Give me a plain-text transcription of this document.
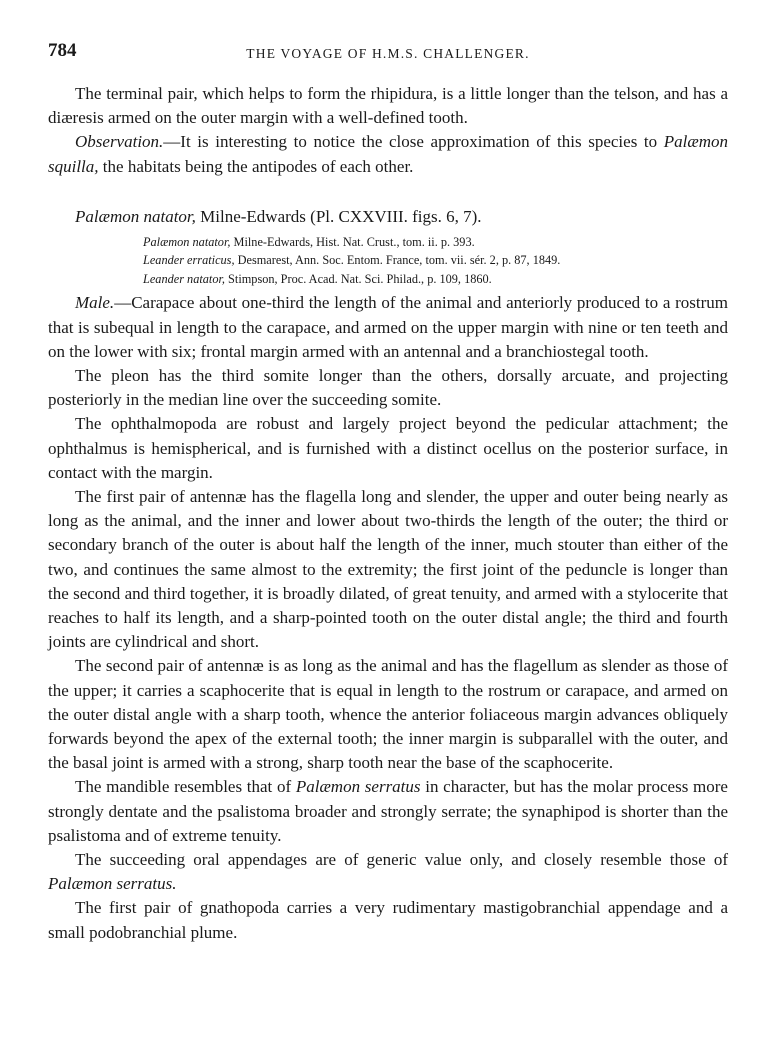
784	THE VOYAGE OF H.M.S. CHALLENGER.

The terminal pair, which helps to form the rhipidura, is a little longer than the telson, and has a diæresis armed on the outer margin with a well-defined tooth.

Observation.—It is interesting to notice the close approximation of this species to Palæmon squilla, the habitats being the antipodes of each other.

Palæmon natator, Milne-Edwards (Pl. CXXVIII. figs. 6, 7).

Palæmon natator, Milne-Edwards, Hist. Nat. Crust., tom. ii. p. 393.
Leander erraticus, Desmarest, Ann. Soc. Entom. France, tom. vii. sér. 2, p. 87, 1849.
Leander natator, Stimpson, Proc. Acad. Nat. Sci. Philad., p. 109, 1860.

Male.—Carapace about one-third the length of the animal and anteriorly produced to a rostrum that is subequal in length to the carapace, and armed on the upper margin with nine or ten teeth and on the lower with six; frontal margin armed with an antennal and a branchiostegal tooth.

The pleon has the third somite longer than the others, dorsally arcuate, and projecting posteriorly in the median line over the succeeding somite.

The ophthalmopoda are robust and largely project beyond the pedicular attachment; the ophthalmus is hemispherical, and is furnished with a distinct ocellus on the posterior surface, in contact with the margin.

The first pair of antennæ has the flagella long and slender, the upper and outer being nearly as long as the animal, and the inner and lower about two-thirds the length of the outer; the third or secondary branch of the outer is about half the length of the inner, much stouter than either of the two, and continues the same almost to the extremity; the first joint of the peduncle is longer than the second and third together, it is broadly dilated, of great tenuity, and armed with a stylocerite that reaches to half its length, and a sharp-pointed tooth on the outer distal angle; the third and fourth joints are cylindrical and short.

The second pair of antennæ is as long as the animal and has the flagellum as slender as those of the upper; it carries a scaphocerite that is equal in length to the rostrum or carapace, and armed on the outer distal angle with a sharp tooth, whence the anterior foliaceous margin advances obliquely forwards beyond the apex of the external tooth; the inner margin is subparallel with the outer, and the basal joint is armed with a strong, sharp tooth near the base of the scaphocerite.

The mandible resembles that of Palæmon serratus in character, but has the molar process more strongly dentate and the psalistoma broader and strongly serrate; the synaphipod is shorter than the psalistoma and of extreme tenuity.

The succeeding oral appendages are of generic value only, and closely resemble those of Palæmon serratus.

The first pair of gnathopoda carries a very rudimentary mastigobranchial appendage and a small podobranchial plume.
